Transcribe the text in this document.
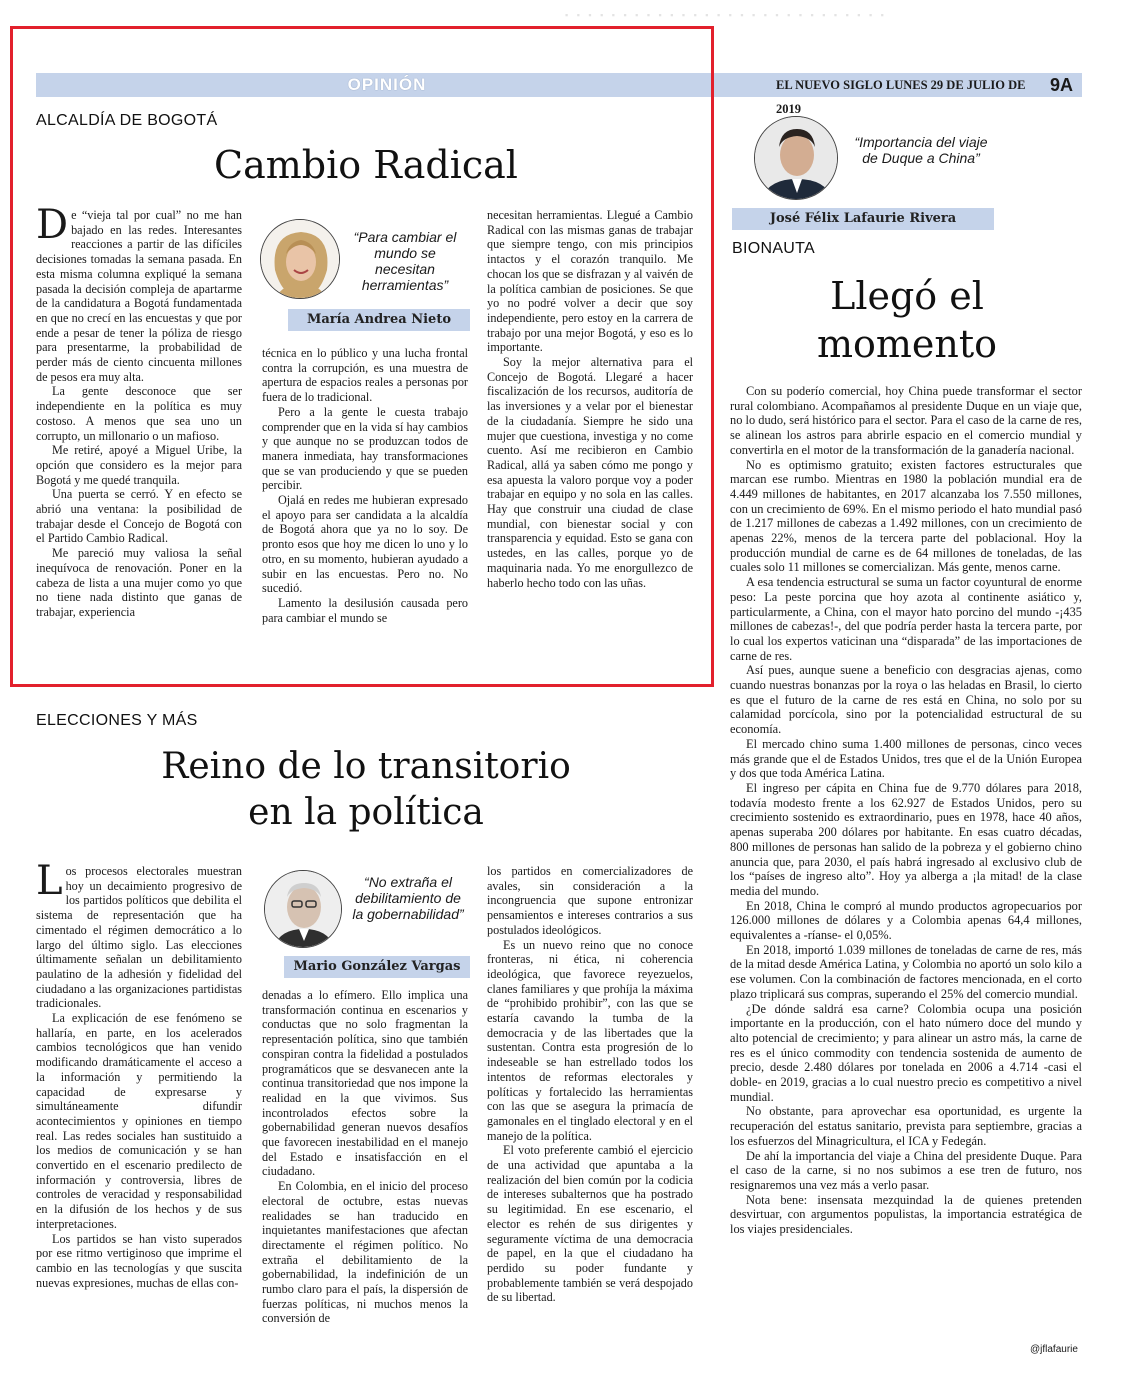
▪ ▪ ▪ ▪ ▪ ▪ ▪ ▪ ▪ ▪ ▪ ▪ ▪ ▪ ▪ ▪ ▪ ▪ ▪ ▪ ▪ ▪ ▪ ▪ ▪ ▪ ▪ ▪
OPINIÓN	EL NUEVO SIGLO LUNES 29 DE JULIO DE 2019
9A
ALCALDÍA DE BOGOTÁ
Cambio Radical

De “vieja tal por cual” no me han bajado en las redes. Interesantes reacciones a partir de las difíciles decisiones tomadas la semana pasada. En esta misma columna expliqué la semana pasada la decisión compleja de apartarme de la candidatura a Bogotá fundamentada en que no crecí en las encuestas y que por ende a pesar de tener la póliza de riesgo para presentarme, la probabilidad de perder más de ciento cincuenta millones de pesos era muy alta.

La gente desconoce que ser independiente en la política es muy costoso. A menos que sea uno un corrupto, un millonario o un mafioso.

Me retiré, apoyé a Miguel Uribe, la opción que considero es la mejor para Bogotá y me quedé tranquila.

Una puerta se cerró. Y en efecto se abrió una ventana: la posibilidad de trabajar desde el Concejo de Bogotá con el Partido Cambio Radical.

Me pareció muy valiosa la señal inequívoca de renovación. Poner en la cabeza de lista a una mujer como yo que no tiene nada distinto que ganas de trabajar, experiencia

“Para cambiar el mundo se necesitan herramientas”
María Andrea Nieto

técnica en lo público y una lucha frontal contra la corrupción, es una muestra de apertura de espacios reales a personas por fuera de lo tradicional.

Pero a la gente le cuesta trabajo comprender que en la vida sí hay cambios y que aunque no se produzcan todos de manera inmediata, hay transformaciones que se van produciendo y que se pueden percibir.

Ojalá en redes me hubieran expresado el apoyo para ser candidata a la alcaldía de Bogotá ahora que ya no lo soy. De pronto esos que hoy me dicen lo uno y lo otro, en su momento, hubieran ayudado a subir en las encuestas. Pero no. No sucedió.

Lamento la desilusión causada pero para cambiar el mundo se

necesitan herramientas. Llegué a Cambio Radical con las mismas ganas de trabajar que siempre tengo, con mis principios intactos y el corazón tranquilo. Me chocan los que se disfrazan y al vaivén de la política cambian de posiciones. Se que yo no podré volver a decir que soy independiente, pero estoy en la carrera de trabajo por una mejor Bogotá, y eso es lo importante.

Soy la mejor alternativa para el Concejo de Bogotá. Llegaré a hacer fiscalización de los recursos, auditoría de las inversiones y a velar por el bienestar de la ciudadanía. Siempre he sido una mujer que cuestiona, investiga y no come cuento. Así me recibieron en Cambio Radical, allá ya saben cómo me pongo y esa apuesta la valoro porque voy a poder trabajar en equipo y no sola en las calles. Hay que construir una ciudad de clase mundial, con bienestar social y con transparencia y equidad. Esto se gana con ustedes, en las calles, porque yo de maquinaria nada. Yo me enorgullezco de haberlo hecho todo con las uñas.

ELECCIONES Y MÁS
Reino de lo transitorio
en la política

Los procesos electorales muestran hoy un decaimiento progresivo de los partidos políticos que debilita el sistema de representación que ha cimentado el régimen democrático a lo largo del último siglo. Las elecciones últimamente señalan un debilitamiento paulatino de la adhesión y fidelidad del ciudadano a las organizaciones partidistas tradicionales.

La explicación de ese fenómeno se hallaría, en parte, en los acelerados cambios tecnológicos que han venido modificando dramáticamente el acceso a la información y permitiendo la capacidad de expresarse y simultáneamente difundir acontecimientos y opiniones en tiempo real. Las redes sociales han sustituido a los medios de comunicación y se han convertido en el escenario predilecto de información y controversia, libres de controles de veracidad y responsabilidad en la difusión de los hechos y de sus interpretaciones.

Los partidos se han visto superados por ese ritmo vertiginoso que imprime el cambio en las tecnologías y que suscita nuevas expresiones, muchas de ellas con-

“No extraña el debilitamiento de la gobernabilidad”
Mario González Vargas

denadas a lo efímero. Ello implica una transformación continua en escenarios y conductas que no solo fragmentan la representación política, sino que también conspiran contra la fidelidad a postulados programáticos que se desvanecen ante la continua transitoriedad que nos impone la realidad en la que vivimos. Sus incontrolados efectos sobre la gobernabilidad generan nuevos desafíos que favorecen inestabilidad en el manejo del Estado e insatisfacción en el ciudadano.

En Colombia, en el inicio del proceso electoral de octubre, estas nuevas realidades se han traducido en inquietantes manifestaciones que afectan directamente el régimen político. No extraña el debilitamiento de la gobernabilidad, la indefinición de un rumbo claro para el país, la dispersión de fuerzas políticas, ni muchos menos la conversión de

los partidos en comercializadores de avales, sin consideración a la incongruencia que supone entronizar pensamientos e intereses contrarios a sus postulados ideológicos.

Es un nuevo reino que no conoce fronteras, ni ética, ni coherencia ideológica, que favorece reyezuelos, clanes familiares y que prohíja la máxima de “prohibido prohibir”, con las que se estaría cavando la tumba de la democracia y de las libertades que la sustentan. Contra esta progresión de lo indeseable se han estrellado todos los intentos de reformas electorales y políticas y fortalecido las herramientas con las que se asegura la primacía de gamonales en el tinglado electoral y en el manejo de la política.

El voto preferente cambió el ejercicio de una actividad que apuntaba a la realización del bien común por la codicia de intereses subalternos que ha postrado su legitimidad. En ese escenario, el elector es rehén de sus dirigentes y seguramente víctima de una democracia de papel, en la que el ciudadano ha perdido su poder fundante y probablemente también se verá despojado de su libertad.

“Importancia del viaje de Duque a China”
José Félix Lafaurie Rivera
BIONAUTA
Llegó el
momento

Con su poderío comercial, hoy China puede transformar el sector rural colombiano. Acompañamos al presidente Duque en un viaje que, no lo dudo, será histórico para el sector. Para el caso de la carne de res, se alinean los astros para abrirle espacio en el comercio mundial y convertirla en el motor de la transformación de la ganadería nacional.

No es optimismo gratuito; existen factores estructurales que marcan ese rumbo. Mientras en 1980 la población mundial era de 4.449 millones de habitantes, en 2017 alcanzaba los 7.550 millones, con un crecimiento de 69%. En el mismo periodo el hato mundial pasó de 1.217 millones de cabezas a 1.492 millones, con un crecimiento de apenas 22%, menos de la tercera parte del poblacional. Hoy la producción mundial de carne es de 64 millones de toneladas, de las cuales solo 11 millones se comercializan. Más gente, menos carne.

A esa tendencia estructural se suma un factor coyuntural de enorme peso: La peste porcina que hoy azota al continente asiático y, particularmente, a China, con el mayor hato porcino del mundo -¡435 millones de cabezas!-, del que podría perder hasta la tercera parte, por lo cual los expertos vaticinan una “disparada” de las importaciones de carne de res.

Así pues, aunque suene a beneficio con desgracias ajenas, como cuando nuestras bonanzas por la roya o las heladas en Brasil, lo cierto es que el futuro de la carne de res está en China, no solo por su calamidad porcícola, sino por la potencialidad estructural de su economía.

El mercado chino suma 1.400 millones de personas, cinco veces más grande que el de Estados Unidos, tres que el de la Unión Europea y dos que toda América Latina.

El ingreso per cápita en China fue de 9.770 dólares para 2018, todavía modesto frente a los 62.927 de Estados Unidos, pero su crecimiento sostenido es extraordinario, pues en 1978, hace 40 años, apenas superaba 200 dólares por habitante. En esas cuatro décadas, 800 millones de personas han salido de la pobreza y el gobierno chino anuncia que, para 2030, el país habrá ingresado al exclusivo club de los “países de ingreso alto”. Hoy ya alberga a ¡la mitad! de la clase media del mundo.

En 2018, China le compró al mundo productos agropecuarios por 126.000 millones de dólares y a Colombia apenas 64,4 millones, equivalentes a -ríanse- el 0,05%.

En 2018, importó 1.039 millones de toneladas de carne de res, más de la mitad desde América Latina, y Colombia no aportó un solo kilo a ese volumen. Con la combinación de factores mencionada, en el corto plazo triplicará sus compras, superando el 25% del comercio mundial.

¿De dónde saldrá esa carne? Colombia ocupa una posición importante en la producción, con el hato número doce del mundo y alto potencial de crecimiento; y para alinear un astro más, la carne de res es el único commodity con tendencia sostenida de aumento de precio, desde 2.480 dólares por tonelada en 2006 a 4.714 -casi el doble- en 2019, gracias a lo cual nuestro precio es competitivo a nivel mundial.

No obstante, para aprovechar esa oportunidad, es urgente la recuperación del estatus sanitario, prevista para septiembre, gracias a los esfuerzos del Minagricultura, el ICA y Fedegán.

De ahí la importancia del viaje a China del presidente Duque. Para el caso de la carne, si no nos subimos a ese tren de futuro, nos resignaremos una vez más a verlo pasar.

Nota bene: insensata mezquindad la de quienes pretenden desvirtuar, con argumentos populistas, la importancia estratégica de los viajes presidenciales.

@jflafaurie
